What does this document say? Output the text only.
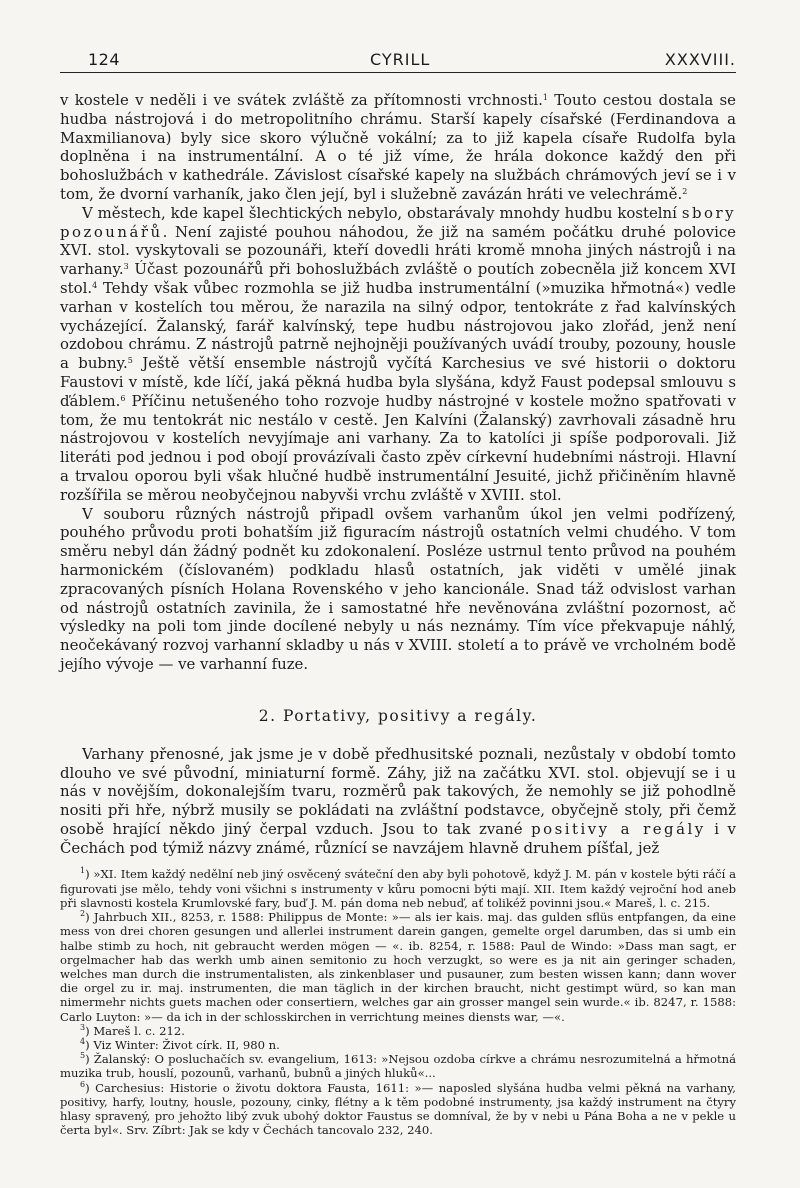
124	CYRILL	XXXVIII.

v kostele v neděli i ve svátek zvláště za přítomnosti vrchnosti.$^1$ Touto cestou dostala se hudba nástrojová i do metropolitního chrámu. Starší kapely císařské (Ferdinandova a Maxmilianova) byly sice skoro výlučně vokální; za to již kapela císaře Rudolfa byla doplněna i na instrumentální. A o té již víme, že hrála dokonce každý den při bohoslužbách v kathedrále. Závislost císařské kapely na službách chrámových jeví se i v tom, že dvorní varhaník, jako člen její, byl i služebně zavázán hráti ve velechrámě.$^2$

V městech, kde kapel šlechtických nebylo, obstarávaly mnohdy hudbu kostelní sbory pozounářů. Není zajisté pouhou náhodou, že již na samém počátku druhé polovice XVI. stol. vyskytovali se pozounáři, kteří dovedli hráti kromě mnoha jiných nástrojů i na varhany.$^3$ Účast pozounářů při bohoslužbách zvláště o poutích zobecněla již koncem XVI stol.$^4$ Tehdy však vůbec rozmohla se již hudba instrumentální (»muzika hřmotná«) vedle varhan v kostelích tou měrou, že narazila na silný odpor, tentokráte z řad kalvínských vycházející. Žalanský, farář kalvínský, tepe hudbu nástrojovou jako zlořád, jenž není ozdobou chrámu. Z nástrojů patrně nejhojněji používaných uvádí trouby, pozouny, housle a bubny.$^5$ Ještě větší ensemble nástrojů vyčítá Karchesius ve své historii o doktoru Faustovi v místě, kde líčí, jaká pěkná hudba byla slyšána, když Faust podepsal smlouvu s ďáblem.$^6$ Příčinu netušeného toho rozvoje hudby nástrojné v kostele možno spatřovati v tom, že mu tentokrát nic nestálo v cestě. Jen Kalvíni (Žalanský) zavrhovali zásadně hru nástrojovou v kostelích nevyjímaje ani varhany. Za to katolíci ji spíše podporovali. Již literáti pod jednou i pod obojí provázívali často zpěv církevní hudebními nástroji. Hlavní a trvalou oporou byli však hlučné hudbě instrumentální Jesuité, jichž přičiněním hlavně rozšířila se měrou neobyčejnou nabyvši vrchu zvláště v XVIII. stol.

V souboru různých nástrojů připadl ovšem varhanům úkol jen velmi podřízený, pouhého průvodu proti bohatším již figuracím nástrojů ostatních velmi chudého. V tom směru nebyl dán žádný podnět ku zdokonalení. Posléze ustrnul tento průvod na pouhém harmonickém (číslovaném) podkladu hlasů ostatních, jak viděti v umělé jinak zpracovaných písních Holana Rovenského v jeho kancionále. Snad táž odvislost varhan od nástrojů ostatních zavinila, že i samostatné hře nevěnována zvláštní pozornost, ač výsledky na poli tom jinde docílené nebyly u nás neznámy. Tím více překvapuje náhlý, neočekávaný rozvoj varhanní skladby u nás v XVIII. století a to právě ve vrcholném bodě jejího vývoje — ve varhanní fuze.

2. Portativy, positivy a regály.

Varhany přenosné, jak jsme je v době předhusitské poznali, nezůstaly v období tomto dlouho ve své původní, miniaturní formě. Záhy, již na začátku XVI. stol. objevují se i u nás v novějším, dokonalejším tvaru, rozměrů pak takových, že nemohly se již pohodlně nositi při hře, nýbrž musily se pokládati na zvláštní podstavce, obyčejně stoly, při čemž osobě hrající někdo jiný čerpal vzduch. Jsou to tak zvané positivy a regály i v Čechách pod týmiž názvy známé, různící se navzájem hlavně druhem píšťal, jež

$^1$) »XI. Item každý nedělní neb jiný osvěcený sváteční den aby byli pohotově, když J. M. pán v kostele býti ráčí a figurovati jse mělo, tehdy voni všichni s instrumenty v kůru pomocni býti mají. XII. Item každý vejroční hod aneb při slavnosti kostela Krumlovské fary, buď J. M. pán doma neb nebuď, ať tolikéž povinni jsou.« Mareš, l. c. 215.

$^2$) Jahrbuch XII., 8253, r. 1588: Philippus de Monte: »— als ier kais. maj. das gulden sflüs entpfangen, da eine mess von drei choren gesungen und allerlei instrument darein gangen, gemelte orgel darumben, das si umb ein halbe stimb zu hoch, nit gebraucht werden mögen — «. ib. 8254, r. 1588: Paul de Windo: »Dass man sagt, er orgelmacher hab das werkh umb ainen semitonio zu hoch verzugkt, so were es ja nit ain geringer schaden, welches man durch die instrumentalisten, als zinkenblaser und pusauner, zum besten wissen kann; dann wover die orgel zu ir. maj. instrumenten, die man täglich in der kirchen braucht, nicht gestimpt würd, so kan man nimermehr nichts guets machen oder consertiern, welches gar ain grosser mangel sein wurde.« ib. 8247, r. 1588: Carlo Luyton: »— da ich in der schlosskirchen in verrichtung meines diensts war, —«.

$^3$) Mareš l. c. 212.

$^4$) Viz Winter: Život círk. II, 980 n.

$^5$) Žalanský: O posluchačích sv. evangelium, 1613: »Nejsou ozdoba církve a chrámu nesrozumitelná a hřmotná muzika trub, houslí, pozounů, varhanů, bubnů a jiných hluků«...

$^6$) Carchesius: Historie o životu doktora Fausta, 1611: »— naposled slyšána hudba velmi pěkná na varhany, positivy, harfy, loutny, housle, pozouny, cinky, flétny a k těm podobné instrumenty, jsa každý instrument na čtyry hlasy spravený, pro jehožto libý zvuk ubohý doktor Faustus se domníval, že by v nebi u Pána Boha a ne v pekle u čerta byl«. Srv. Zíbrt: Jak se kdy v Čechách tancovalo 232, 240.
